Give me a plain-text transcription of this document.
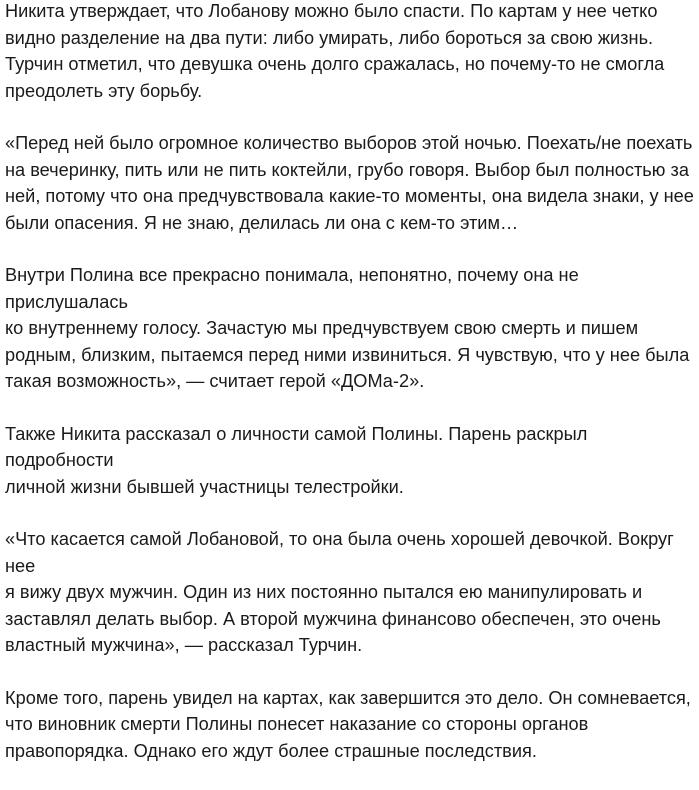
Никита утверждает, что Лобанову можно было спасти. По картам у нее четко
видно разделение на два пути: либо умирать, либо бороться за свою жизнь.
Турчин отметил, что девушка очень долго сражалась, но почему-то не смогла
преодолеть эту борьбу.

«Перед ней было огромное количество выборов этой ночью. Поехать/не поехать
на вечеринку, пить или не пить коктейли, грубо говоря. Выбор был полностью за
ней, потому что она предчувствовала какие-то моменты, она видела знаки, у нее
были опасения. Я не знаю, делилась ли она с кем-то этим…

Внутри Полина все прекрасно понимала, непонятно, почему она не прислушалась
ко внутреннему голосу. Зачастую мы предчувствуем свою смерть и пишем
родным, близким, пытаемся перед ними извиниться. Я чувствую, что у нее была
такая возможность», — считает герой «ДОМа-2».

Также Никита рассказал о личности самой Полины. Парень раскрыл подробности
личной жизни бывшей участницы телестройки.

«Что касается самой Лобановой, то она была очень хорошей девочкой. Вокруг нее
я вижу двух мужчин. Один из них постоянно пытался ею манипулировать и
заставлял делать выбор. А второй мужчина финансово обеспечен, это очень
властный мужчина», — рассказал Турчин.

Кроме того, парень увидел на картах, как завершится это дело. Он сомневается,
что виновник смерти Полины понесет наказание со стороны органов
правопорядка. Однако его ждут более страшные последствия.
